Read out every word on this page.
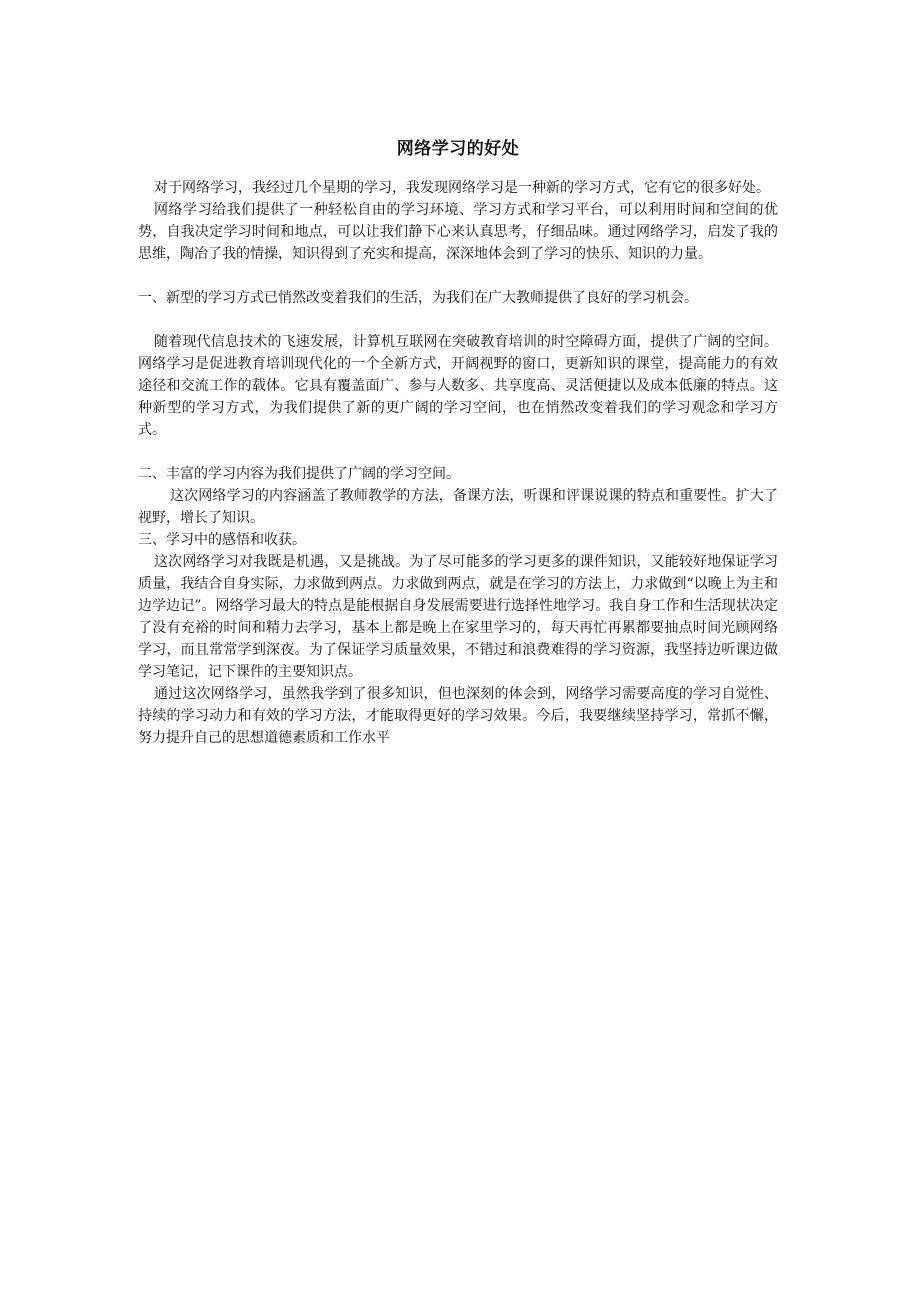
网络学习的好处

对于网络学习，我经过几个星期的学习，我发现网络学习是一种新的学习方式，它有它的很多好处。

网络学习给我们提供了一种轻松自由的学习环境、学习方式和学习平台，可以利用时间和空间的优势，自我决定学习时间和地点，可以让我们静下心来认真思考，仔细品味。通过网络学习，启发了我的思维，陶冶了我的情操，知识得到了充实和提高，深深地体会到了学习的快乐、知识的力量。

一、新型的学习方式已悄然改变着我们的生活，为我们在广大教师提供了良好的学习机会。

随着现代信息技术的飞速发展，计算机互联网在突破教育培训的时空障碍方面，提供了广阔的空间。网络学习是促进教育培训现代化的一个全新方式，开阔视野的窗口，更新知识的课堂，提高能力的有效途径和交流工作的载体。它具有覆盖面广、参与人数多、共享度高、灵活便捷以及成本低廉的特点。这种新型的学习方式，为我们提供了新的更广阔的学习空间，也在悄然改变着我们的学习观念和学习方式。

二、丰富的学习内容为我们提供了广阔的学习空间。

这次网络学习的内容涵盖了教师教学的方法，备课方法，听课和评课说课的特点和重要性。扩大了视野，增长了知识。

三、学习中的感悟和收获。

这次网络学习对我既是机遇，又是挑战。为了尽可能多的学习更多的课件知识，又能较好地保证学习质量，我结合自身实际，力求做到两点。力求做到两点，就是在学习的方法上，力求做到“以晚上为主和边学边记”。网络学习最大的特点是能根据自身发展需要进行选择性地学习。我自身工作和生活现状决定了没有充裕的时间和精力去学习，基本上都是晚上在家里学习的，每天再忙再累都要抽点时间光顾网络学习，而且常常学到深夜。为了保证学习质量效果，不错过和浪费难得的学习资源，我坚持边听课边做学习笔记，记下课件的主要知识点。

通过这次网络学习，虽然我学到了很多知识，但也深刻的体会到，网络学习需要高度的学习自觉性、持续的学习动力和有效的学习方法，才能取得更好的学习效果。今后，我要继续坚持学习，常抓不懈，努力提升自己的思想道德素质和工作水平
